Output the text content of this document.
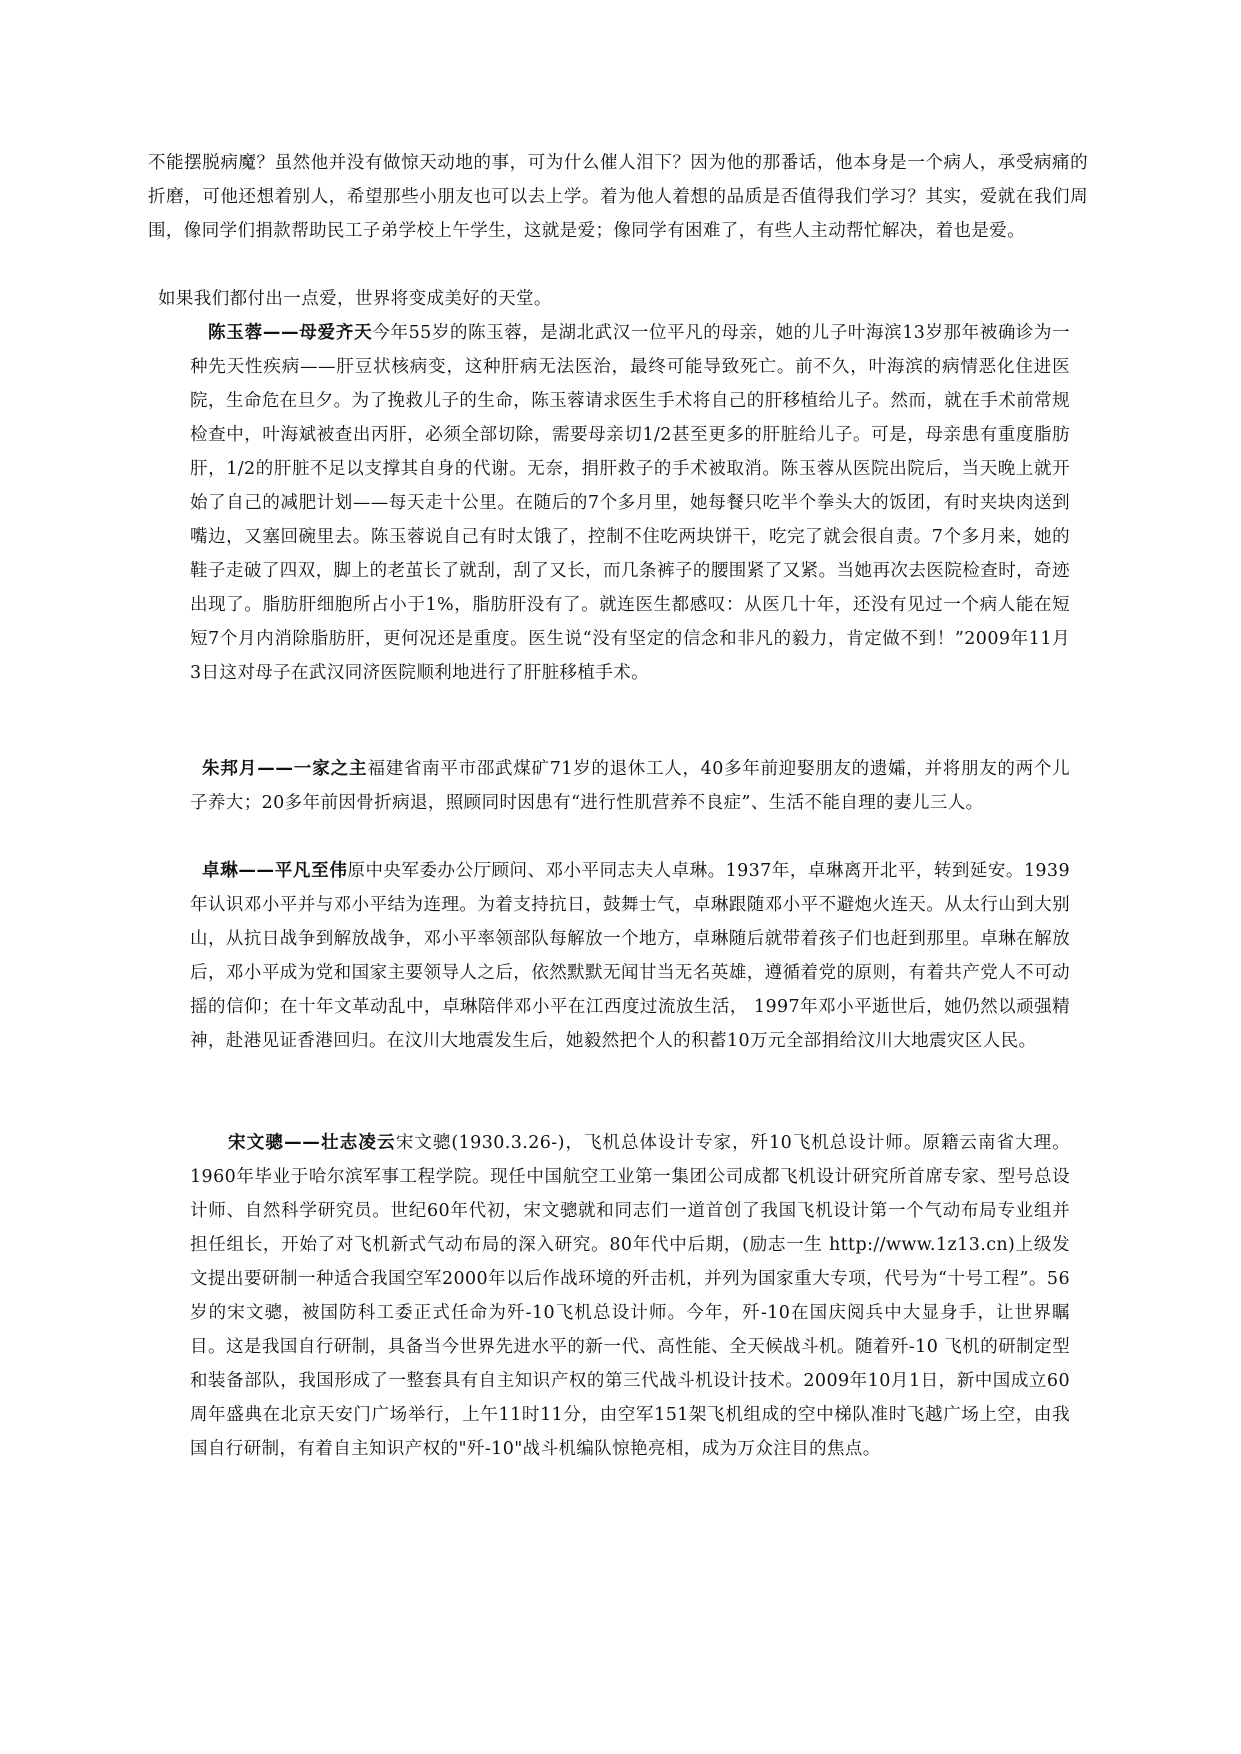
不能摆脱病魔？虽然他并没有做惊天动地的事，可为什么催人泪下？因为他的那番话，他本身是一个病人，承受病痛的折磨，可他还想着别人，希望那些小朋友也可以去上学。着为他人着想的品质是否值得我们学习？其实，爱就在我们周围，像同学们捐款帮助民工子弟学校上午学生，这就是爱；像同学有困难了，有些人主动帮忙解决，着也是爱。

如果我们都付出一点爱，世界将变成美好的天堂。

陈玉蓉——母爱齐天今年55岁的陈玉蓉，是湖北武汉一位平凡的母亲，她的儿子叶海滨13岁那年被确诊为一种先天性疾病——肝豆状核病变，这种肝病无法医治，最终可能导致死亡。前不久，叶海滨的病情恶化住进医院，生命危在旦夕。为了挽救儿子的生命，陈玉蓉请求医生手术将自己的肝移植给儿子。然而，就在手术前常规检查中，叶海斌被查出丙肝，必须全部切除，需要母亲切1/2甚至更多的肝脏给儿子。可是，母亲患有重度脂肪肝，1/2的肝脏不足以支撑其自身的代谢。无奈，捐肝救子的手术被取消。陈玉蓉从医院出院后，当天晚上就开始了自己的减肥计划——每天走十公里。在随后的7个多月里，她每餐只吃半个拳头大的饭团，有时夹块肉送到嘴边，又塞回碗里去。陈玉蓉说自己有时太饿了，控制不住吃两块饼干，吃完了就会很自责。7个多月来，她的鞋子走破了四双，脚上的老茧长了就刮，刮了又长，而几条裤子的腰围紧了又紧。当她再次去医院检查时，奇迹出现了。脂肪肝细胞所占小于1%，脂肪肝没有了。就连医生都感叹：从医几十年，还没有见过一个病人能在短短7个月内消除脂肪肝，更何况还是重度。医生说“没有坚定的信念和非凡的毅力，肯定做不到！”2009年11月3日这对母子在武汉同济医院顺利地进行了肝脏移植手术。

朱邦月——一家之主福建省南平市邵武煤矿71岁的退休工人，40多年前迎娶朋友的遗孀，并将朋友的两个儿子养大；20多年前因骨折病退，照顾同时因患有“进行性肌营养不良症”、生活不能自理的妻儿三人。

卓琳——平凡至伟原中央军委办公厅顾问、邓小平同志夫人卓琳。1937年，卓琳离开北平，转到延安。1939年认识邓小平并与邓小平结为连理。为着支持抗日，鼓舞士气，卓琳跟随邓小平不避炮火连天。从太行山到大别山，从抗日战争到解放战争，邓小平率领部队每解放一个地方，卓琳随后就带着孩子们也赶到那里。卓琳在解放后，邓小平成为党和国家主要领导人之后，依然默默无闻甘当无名英雄，遵循着党的原则，有着共产党人不可动摇的信仰；在十年文革动乱中，卓琳陪伴邓小平在江西度过流放生活， 1997年邓小平逝世后，她仍然以顽强精神，赴港见证香港回归。在汶川大地震发生后，她毅然把个人的积蓄10万元全部捐给汶川大地震灾区人民。

宋文骢——壮志凌云宋文骢(1930.3.26-)，飞机总体设计专家，歼10飞机总设计师。原籍云南省大理。1960年毕业于哈尔滨军事工程学院。现任中国航空工业第一集团公司成都飞机设计研究所首席专家、型号总设计师、自然科学研究员。世纪60年代初，宋文骢就和同志们一道首创了我国飞机设计第一个气动布局专业组并担任组长，开始了对飞机新式气动布局的深入研究。80年代中后期，(励志一生 http://www.1z13.cn)上级发文提出要研制一种适合我国空军2000年以后作战环境的歼击机，并列为国家重大专项，代号为“十号工程”。56岁的宋文骢，被国防科工委正式任命为歼-10飞机总设计师。今年，歼-10在国庆阅兵中大显身手，让世界瞩目。这是我国自行研制，具备当今世界先进水平的新一代、高性能、全天候战斗机。随着歼-10 飞机的研制定型和装备部队，我国形成了一整套具有自主知识产权的第三代战斗机设计技术。2009年10月1日，新中国成立60周年盛典在北京天安门广场举行，上午11时11分，由空军151架飞机组成的空中梯队准时飞越广场上空，由我国自行研制，有着自主知识产权的"歼-10"战斗机编队惊艳亮相，成为万众注目的焦点。
